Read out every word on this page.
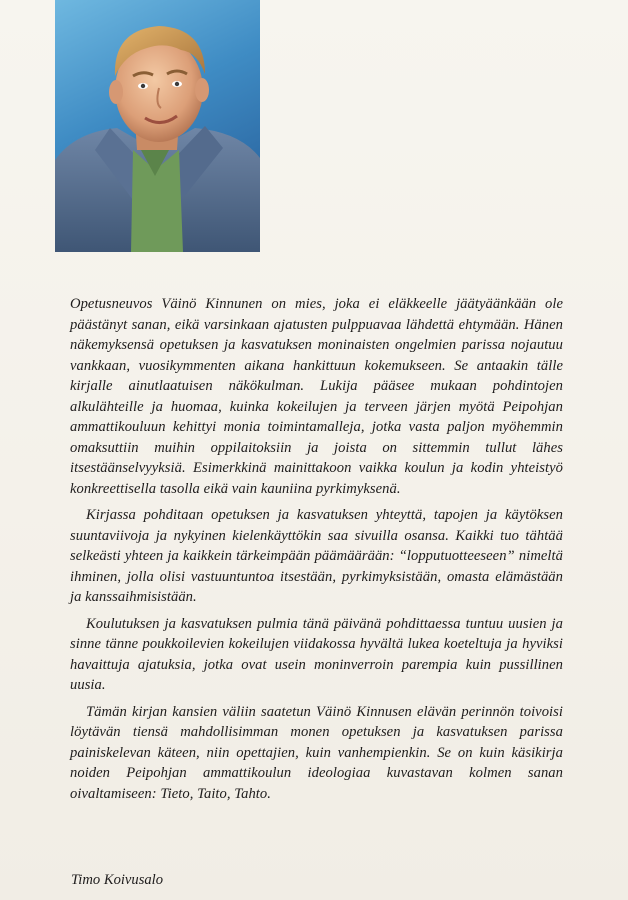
Opetusneuvos Väinö Kinnunen on mies, joka ei eläkkeelle jäätyäänkään ole päästänyt sanan, eikä varsinkaan ajatusten pulppuavaa lähdettä ehtymään. Hänen näkemyksensä opetuksen ja kasvatuksen moninaisten ongelmien parissa nojautuu vankkaan, vuosikymmenten aikana hankittuun kokemukseen. Se antaakin tälle kirjalle ainutlaatuisen näkökulman. Lukija pääsee mukaan pohdintojen alkulähteille ja huomaa, kuinka kokeilujen ja terveen järjen myötä Peipohjan ammattikouluun kehittyi monia toimintamalleja, jotka vasta paljon myöhemmin omaksuttiin muihin oppilaitoksiin ja joista on sittemmin tullut lähes itsestäänselvyyksiä. Esimerkkinä mainittakoon vaikka koulun ja kodin yhteistyö konkreettisella tasolla eikä vain kauniina pyrkimyksenä.

Kirjassa pohditaan opetuksen ja kasvatuksen yhteyttä, tapojen ja käytöksen suuntaviivoja ja nykyinen kielenkäyttökin saa sivuilla osansa. Kaikki tuo tähtää selkeästi yhteen ja kaikkein tärkeimpään päämäärään: “lopputuotteeseen” nimeltä ihminen, jolla olisi vastuuntuntoa itsestään, pyrkimyksistään, omasta elämästään ja kanssaihmisistään.

Koulutuksen ja kasvatuksen pulmia tänä päivänä pohdittaessa tuntuu uusien ja sinne tänne poukkoilevien kokeilujen viidakossa hyvältä lukea koeteltuja ja hyviksi havaittuja ajatuksia, jotka ovat usein moninverroin parempia kuin pussillinen uusia.

Tämän kirjan kansien väliin saatetun Väinö Kinnusen elävän perinnön toivoisi löytävän tiensä mahdollisimman monen opetuksen ja kasvatuksen parissa painiskelevan käteen, niin opettajien, kuin vanhempienkin. Se on kuin käsikirja noiden Peipohjan ammattikoulun ideologiaa kuvastavan kolmen sanan oivaltamiseen: Tieto, Taito, Tahto.

Timo Koivusalo
